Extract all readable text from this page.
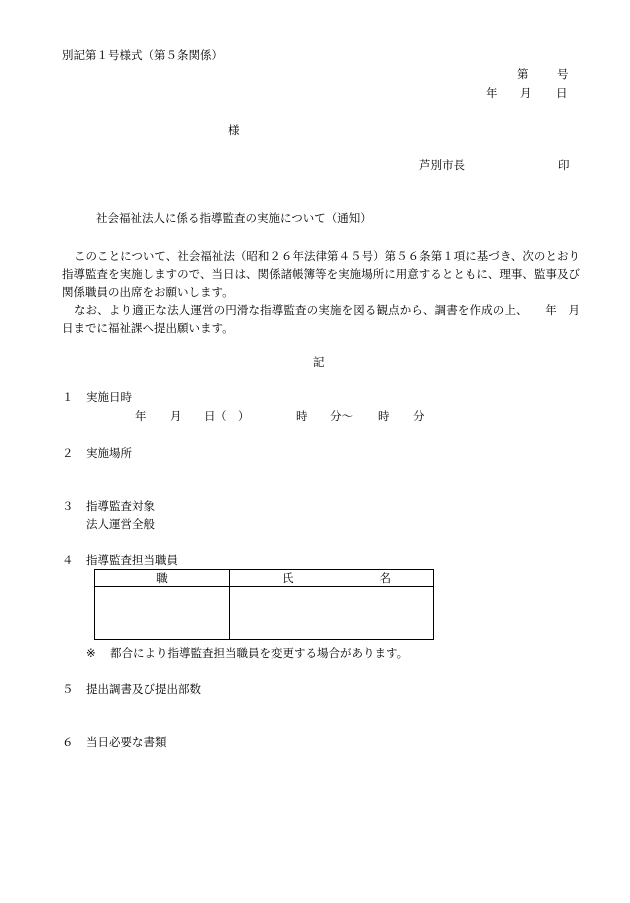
別記第１号様式（第５条関係）
第 号
年 月 日
様
芦別市長	印
社会福祉法人に係る指導監査の実施について（通知）

このことについて、社会福祉法（昭和２６年法律第４５号）第５６条第１項に基づき、次のとおり指導監査を実施しますので、当日は、関係諸帳簿等を実施場所に用意するとともに、理事、監事及び関係職員の出席をお願いします。

なお、より適正な法人運営の円滑な指導監査の実施を図る観点から、調書を作成の上、　　年　月日までに福祉課へ提出願います。

記
１ 実施日時
年 月 日 （　）	時 分～ 時 分
２ 実施場所
３ 指導監査対象
法人運営全般
４ 指導監査担当職員
職	氏 名

※ 都合により指導監査担当職員を変更する場合があります。
５ 提出調書及び提出部数
６ 当日必要な書類
